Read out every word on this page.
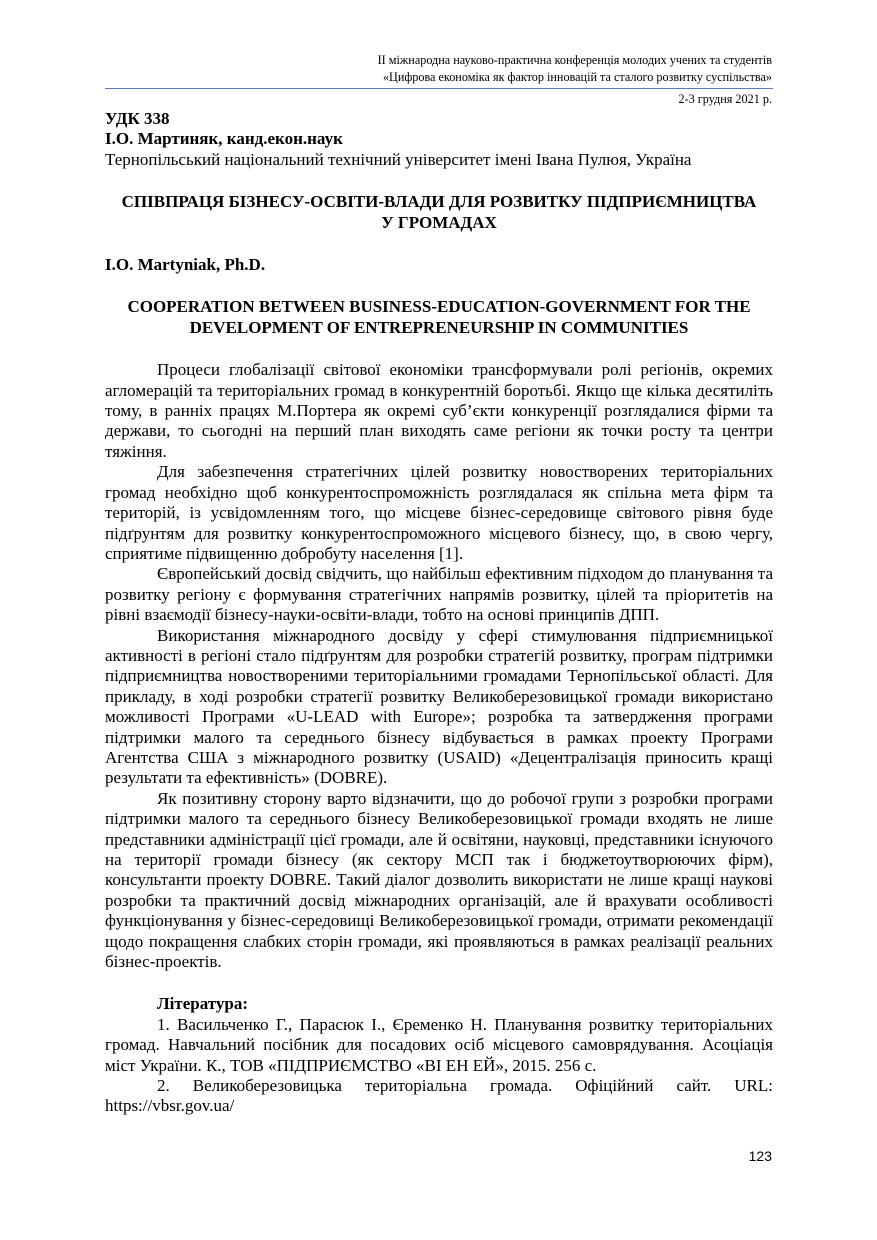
ІІ міжнародна науково-практична конференція молодих учених та студентів
«Цифрова економіка як фактор інновацій та сталого розвитку суспільства»
2-3 грудня 2021 р.

УДК 338

І.О. Мартиняк, канд.екон.наук

Тернопільський національний технічний університет імені Івана Пулюя, Україна

СПІВПРАЦЯ БІЗНЕСУ-ОСВІТИ-ВЛАДИ ДЛЯ РОЗВИТКУ ПІДПРИЄМНИЦТВА

У ГРОМАДАХ

I.O. Martyniak, Ph.D.

COOPERATION BETWEEN BUSINESS-EDUCATION-GOVERNMENT FOR THE

DEVELOPMENT OF ENTREPRENEURSHIP IN COMMUNITIES

Процеси глобалізації світової економіки трансформували ролі регіонів, окремих агломерацій та територіальних громад в конкурентній боротьбі. Якщо ще кілька десятиліть тому, в ранніх працях М.Портера як окремі суб’єкти конкуренції розглядалися фірми та держави, то сьогодні на перший план виходять саме регіони як точки росту та центри тяжіння.

Для забезпечення стратегічних цілей розвитку новостворених територіальних громад необхідно щоб конкурентоспроможність розглядалася як спільна мета фірм та територій, із усвідомленням того, що місцеве бізнес-середовище світового рівня буде підґрунтям для розвитку конкурентоспроможного місцевого бізнесу, що, в свою чергу, сприятиме підвищенню добробуту населення [1].

Європейський досвід свідчить, що найбільш ефективним підходом до планування та розвитку регіону є формування стратегічних напрямів розвитку, цілей та пріоритетів на рівні взаємодії бізнесу-науки-освіти-влади, тобто на основі принципів ДПП.

Використання міжнародного досвіду у сфері стимулювання підприємницької активності в регіоні стало підґрунтям для розробки стратегій розвитку, програм підтримки підприємництва новоствореними територіальними громадами Тернопільської області. Для прикладу, в ході розробки стратегії розвитку Великоберезовицької громади використано можливості Програми «U-LEAD with Europe»; розробка та затвердження програми підтримки малого та середнього бізнесу відбувається в рамках проекту Програми Агентства США з міжнародного розвитку (USAID) «Децентралізація приносить кращі результати та ефективність» (DOBRE).

Як позитивну сторону варто відзначити, що до робочої групи з розробки програми підтримки малого та середнього бізнесу Великоберезовицької громади входять не лише представники адміністрації цієї громади, але й освітяни, науковці, представники існуючого на території громади бізнесу (як сектору МСП так і бюджетоутворюючих фірм), консультанти проекту DOBRE. Такий діалог дозволить використати не лише кращі наукові розробки та практичний досвід міжнародних організацій, але й врахувати особливості функціонування у бізнес-середовищі Великоберезовицької громади, отримати рекомендації щодо покращення слабких сторін громади, які проявляються в рамках реалізації реальних бізнес-проектів.

Література:

1. Васильченко Г., Парасюк І., Єременко Н. Планування розвитку територіальних громад. Навчальний посібник для посадових осіб місцевого самоврядування. Асоціація міст України. К., ТОВ «ПІДПРИЄМСТВО «ВІ ЕН ЕЙ», 2015. 256 с.

2. Великоберезовицька територіальна громада. Офіційний сайт. URL: https://vbsr.gov.ua/

123
